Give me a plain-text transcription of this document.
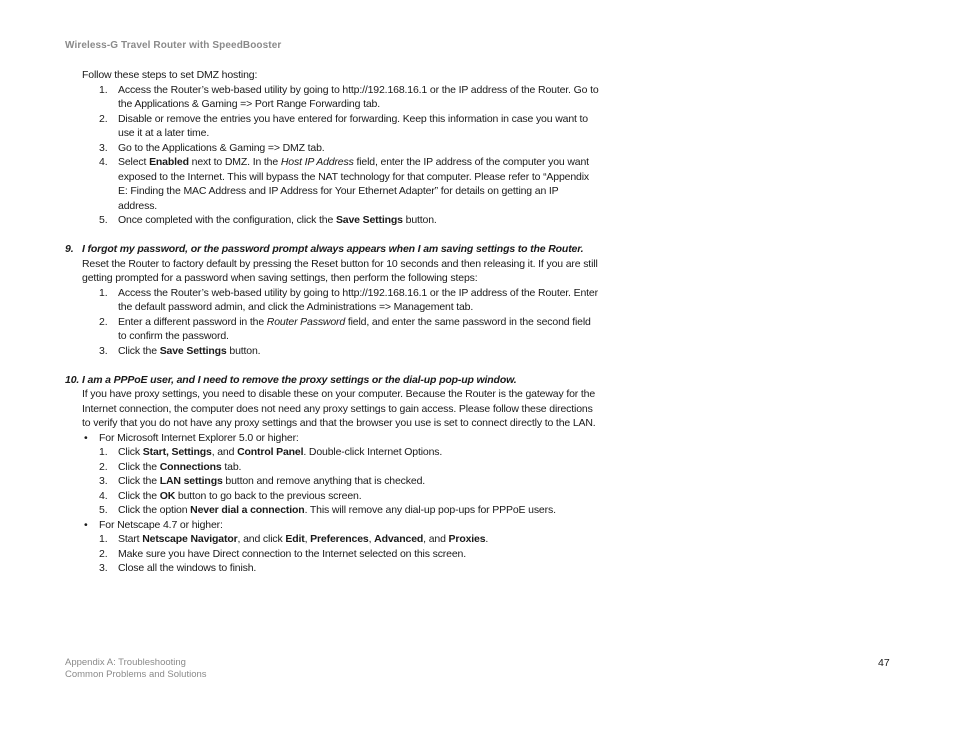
Wireless-G Travel Router with SpeedBooster

Follow these steps to set DMZ hosting:

1. Access the Router’s web-based utility by going to http://192.168.16.1 or the IP address of the Router. Go to the Applications & Gaming => Port Range Forwarding tab.
2. Disable or remove the entries you have entered for forwarding. Keep this information in case you want to use it at a later time.
3. Go to the Applications & Gaming => DMZ tab.
4. Select Enabled next to DMZ. In the Host IP Address field, enter the IP address of the computer you want exposed to the Internet. This will bypass the NAT technology for that computer. Please refer to “Appendix E: Finding the MAC Address and IP Address for Your Ethernet Adapter” for details on getting an IP address.
5. Once completed with the configuration, click the Save Settings button.

9. I forgot my password, or the password prompt always appears when I am saving settings to the Router.

Reset the Router to factory default by pressing the Reset button for 10 seconds and then releasing it. If you are still getting prompted for a password when saving settings, then perform the following steps:

1. Access the Router’s web-based utility by going to http://192.168.16.1 or the IP address of the Router. Enter the default password admin, and click the Administrations => Management tab.
2. Enter a different password in the Router Password field, and enter the same password in the second field to confirm the password.
3. Click the Save Settings button.

10. I am a PPPoE user, and I need to remove the proxy settings or the dial-up pop-up window.

If you have proxy settings, you need to disable these on your computer. Because the Router is the gateway for the Internet connection, the computer does not need any proxy settings to gain access. Please follow these directions to verify that you do not have any proxy settings and that the browser you use is set to connect directly to the LAN.

• For Microsoft Internet Explorer 5.0 or higher:
1. Click Start, Settings, and Control Panel. Double-click Internet Options.
2. Click the Connections tab.
3. Click the LAN settings button and remove anything that is checked.
4. Click the OK button to go back to the previous screen.
5. Click the option Never dial a connection. This will remove any dial-up pop-ups for PPPoE users.
• For Netscape 4.7 or higher:
1. Start Netscape Navigator, and click Edit, Preferences, Advanced, and Proxies.
2. Make sure you have Direct connection to the Internet selected on this screen.
3. Close all the windows to finish.
Appendix A: Troubleshooting
Common Problems and Solutions
47
